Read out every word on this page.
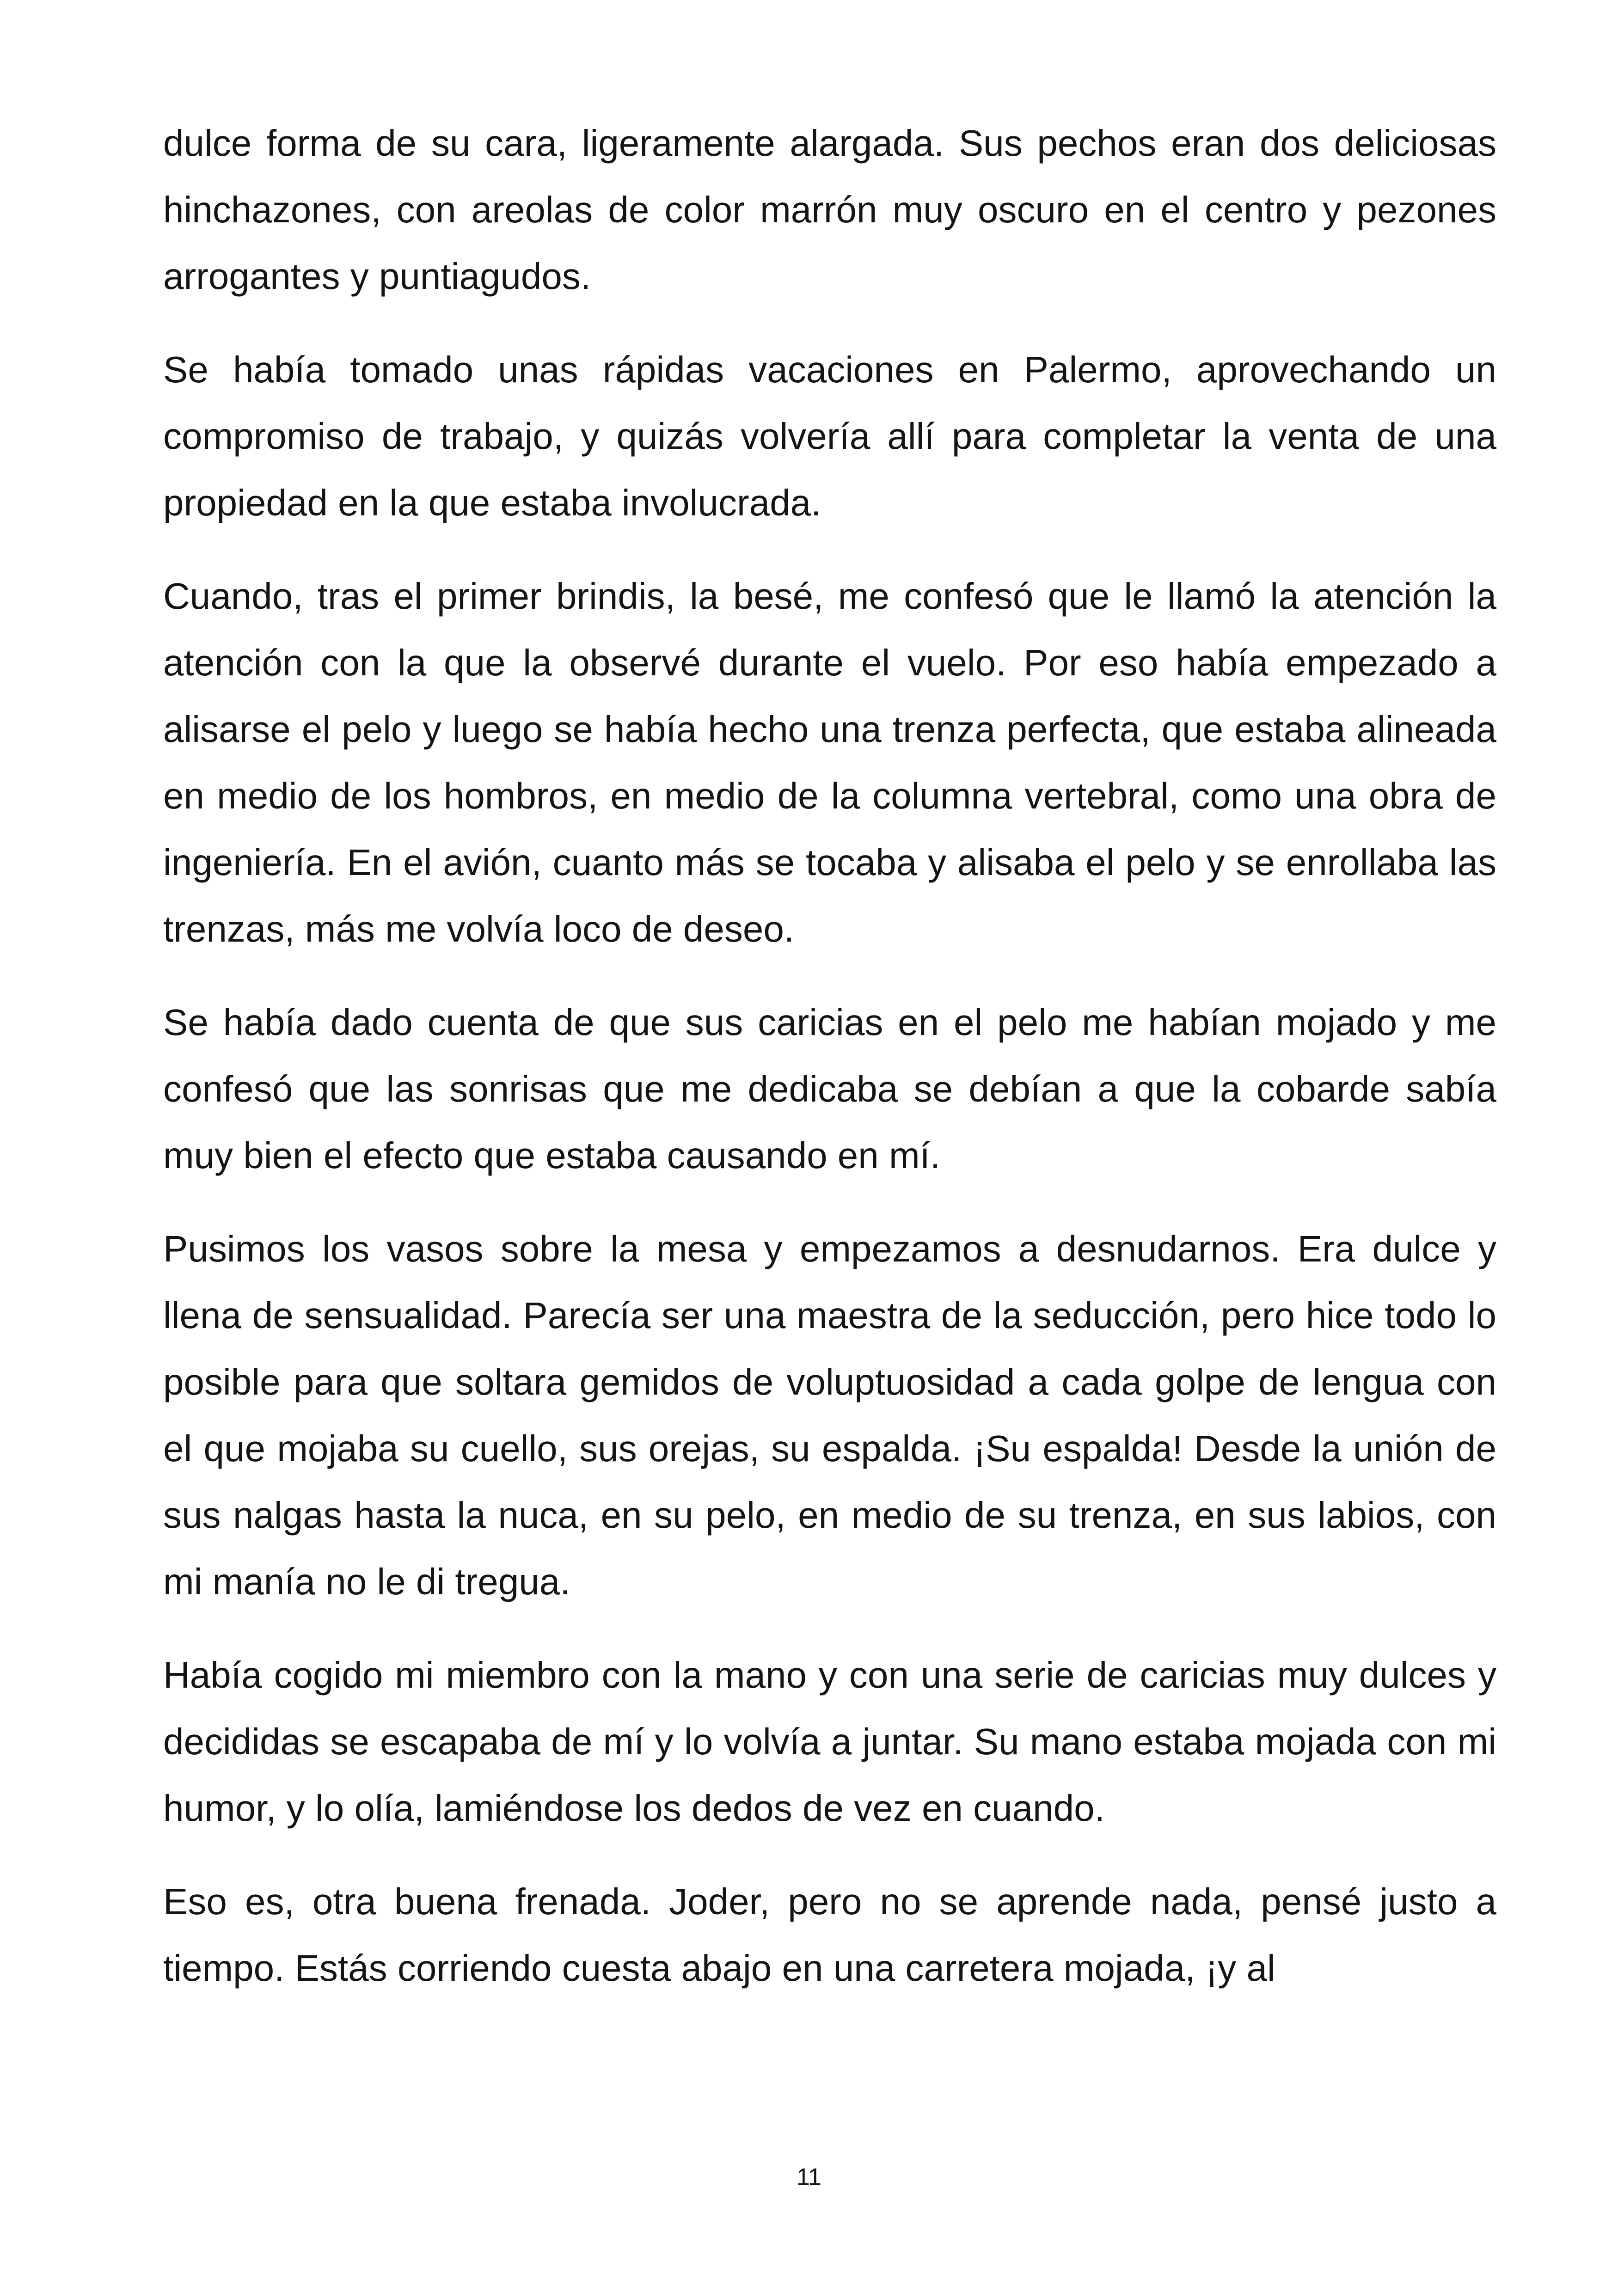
dulce forma de su cara, ligeramente alargada. Sus pechos eran dos deliciosas hinchazones, con areolas de color marrón muy oscuro en el centro y pezones arrogantes y puntiagudos.

Se había tomado unas rápidas vacaciones en Palermo, aprovechando un compromiso de trabajo, y quizás volvería allí para completar la venta de una propiedad en la que estaba involucrada.

Cuando, tras el primer brindis, la besé, me confesó que le llamó la atención la atención con la que la observé durante el vuelo. Por eso había empezado a alisarse el pelo y luego se había hecho una trenza perfecta, que estaba alineada en medio de los hombros, en medio de la columna vertebral, como una obra de ingeniería. En el avión, cuanto más se tocaba y alisaba el pelo y se enrollaba las trenzas, más me volvía loco de deseo.

Se había dado cuenta de que sus caricias en el pelo me habían mojado y me confesó que las sonrisas que me dedicaba se debían a que la cobarde sabía muy bien el efecto que estaba causando en mí.

Pusimos los vasos sobre la mesa y empezamos a desnudarnos. Era dulce y llena de sensualidad. Parecía ser una maestra de la seducción, pero hice todo lo posible para que soltara gemidos de voluptuosidad a cada golpe de lengua con el que mojaba su cuello, sus orejas, su espalda. ¡Su espalda! Desde la unión de sus nalgas hasta la nuca, en su pelo, en medio de su trenza, en sus labios, con mi manía no le di tregua.

Había cogido mi miembro con la mano y con una serie de caricias muy dulces y decididas se escapaba de mí y lo volvía a juntar. Su mano estaba mojada con mi humor, y lo olía, lamiéndose los dedos de vez en cuando.

Eso es, otra buena frenada. Joder, pero no se aprende nada, pensé justo a tiempo. Estás corriendo cuesta abajo en una carretera mojada, ¡y al

11
